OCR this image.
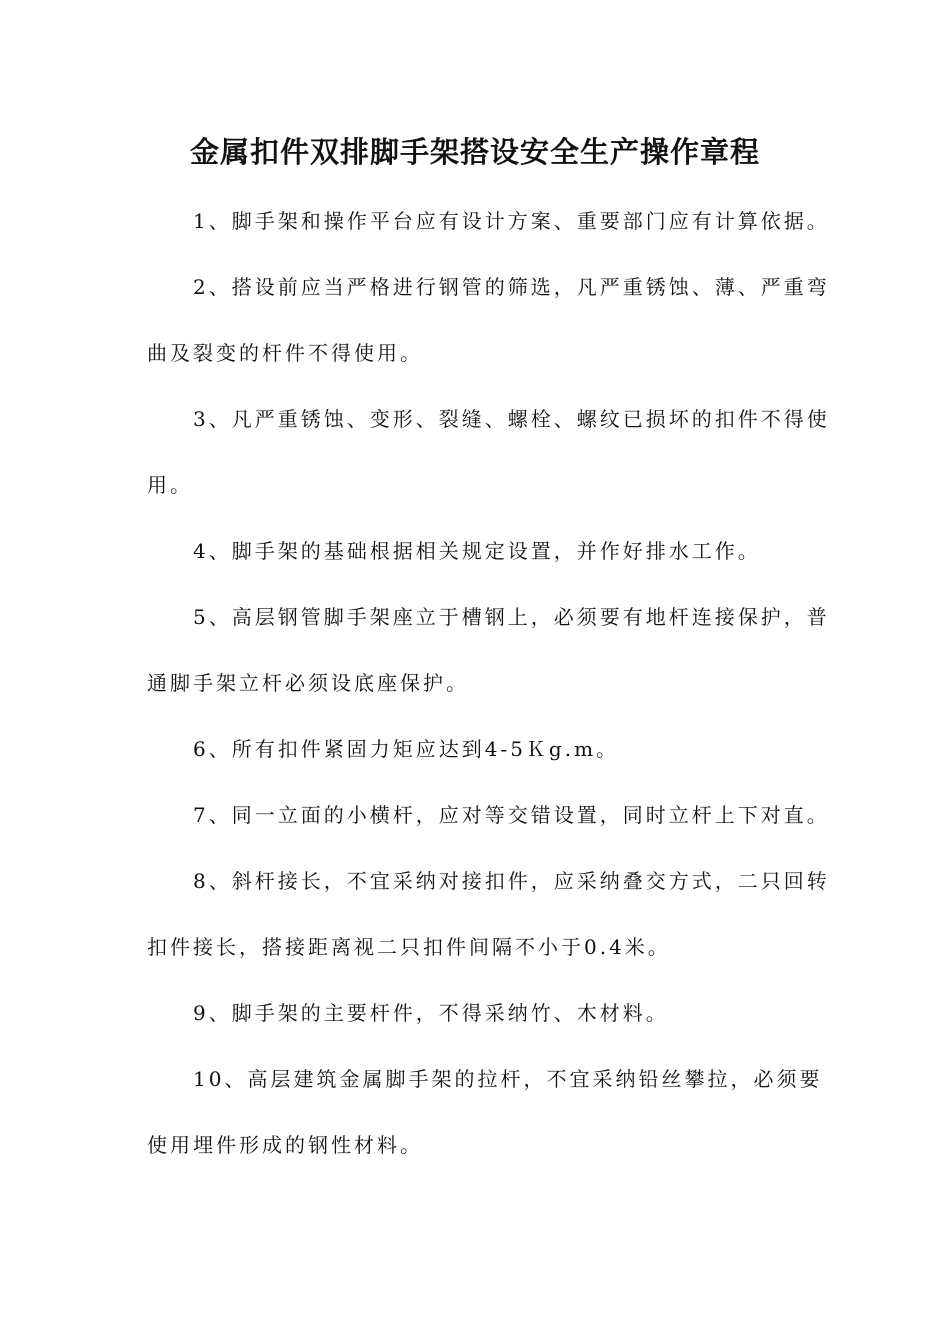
金属扣件双排脚手架搭设安全生产操作章程

1、脚手架和操作平台应有设计方案、重要部门应有计算依据。

2、搭设前应当严格进行钢管的筛选，凡严重锈蚀、薄、严重弯
曲及裂变的杆件不得使用。

3、凡严重锈蚀、变形、裂缝、螺栓、螺纹已损坏的扣件不得使
用。

4、脚手架的基础根据相关规定设置，并作好排水工作。

5、高层钢管脚手架座立于槽钢上，必须要有地杆连接保护，普
通脚手架立杆必须设底座保护。

6、所有扣件紧固力矩应达到4-5Ｋg.m。

7、同一立面的小横杆，应对等交错设置，同时立杆上下对直。

8、斜杆接长，不宜采纳对接扣件，应采纳叠交方式，二只回转
扣件接长，搭接距离视二只扣件间隔不小于0.4米。

9、脚手架的主要杆件，不得采纳竹、木材料。

10、高层建筑金属脚手架的拉杆，不宜采纳铅丝攀拉，必须要
使用埋件形成的钢性材料。
